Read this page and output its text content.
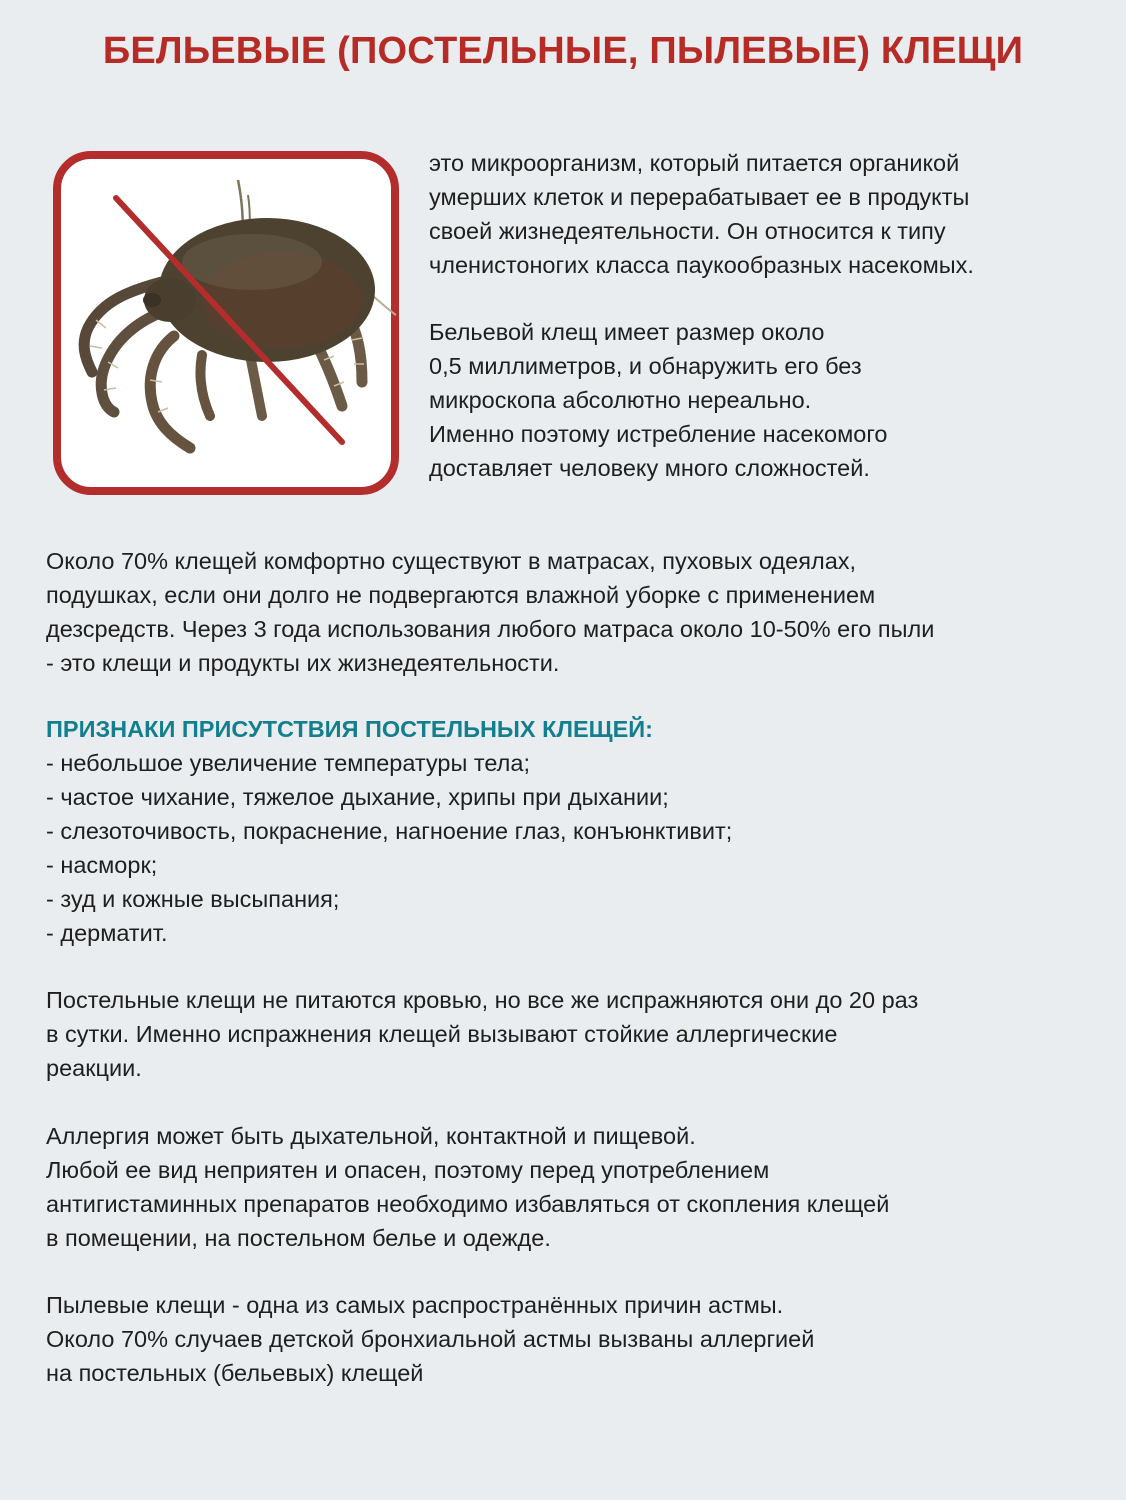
БЕЛЬЕВЫЕ (ПОСТЕЛЬНЫЕ, ПЫЛЕВЫЕ) КЛЕЩИ

это микроорганизм, который питается органикой
умерших клеток и перерабатывает ее в продукты
своей жизнедеятельности. Он относится к типу
членистоногих класса паукообразных насекомых.

Бельевой клещ имеет размер около
0,5 миллиметров, и обнаружить его без
микроскопа абсолютно нереально.
Именно поэтому истребление насекомого
доставляет человеку много сложностей.

Около 70% клещей комфортно существуют в матрасах, пуховых одеялах,
подушках, если они долго не подвергаются влажной уборке с применением
дезсредств. Через 3 года использования любого матраса около 10-50% его пыли
- это клещи и продукты их жизнедеятельности.

ПРИЗНАКИ ПРИСУТСТВИЯ ПОСТЕЛЬНЫХ КЛЕЩЕЙ:
- небольшое увеличение температуры тела;
- частое чихание, тяжелое дыхание, хрипы при дыхании;
- слезоточивость, покраснение, нагноение глаз, конъюнктивит;
- насморк;
- зуд и кожные высыпания;
- дерматит.

Постельные клещи не питаются кровью, но все же испражняются они до 20 раз
в сутки. Именно испражнения клещей вызывают стойкие аллергические
реакции.

Аллергия может быть дыхательной, контактной и пищевой.
Любой ее вид неприятен и опасен, поэтому перед употреблением
антигистаминных препаратов необходимо избавляться от скопления клещей
в помещении, на постельном белье и одежде.

Пылевые клещи - одна из самых распространённых причин астмы.
Около 70% случаев детской бронхиальной астмы вызваны аллергией
на постельных (бельевых) клещей
